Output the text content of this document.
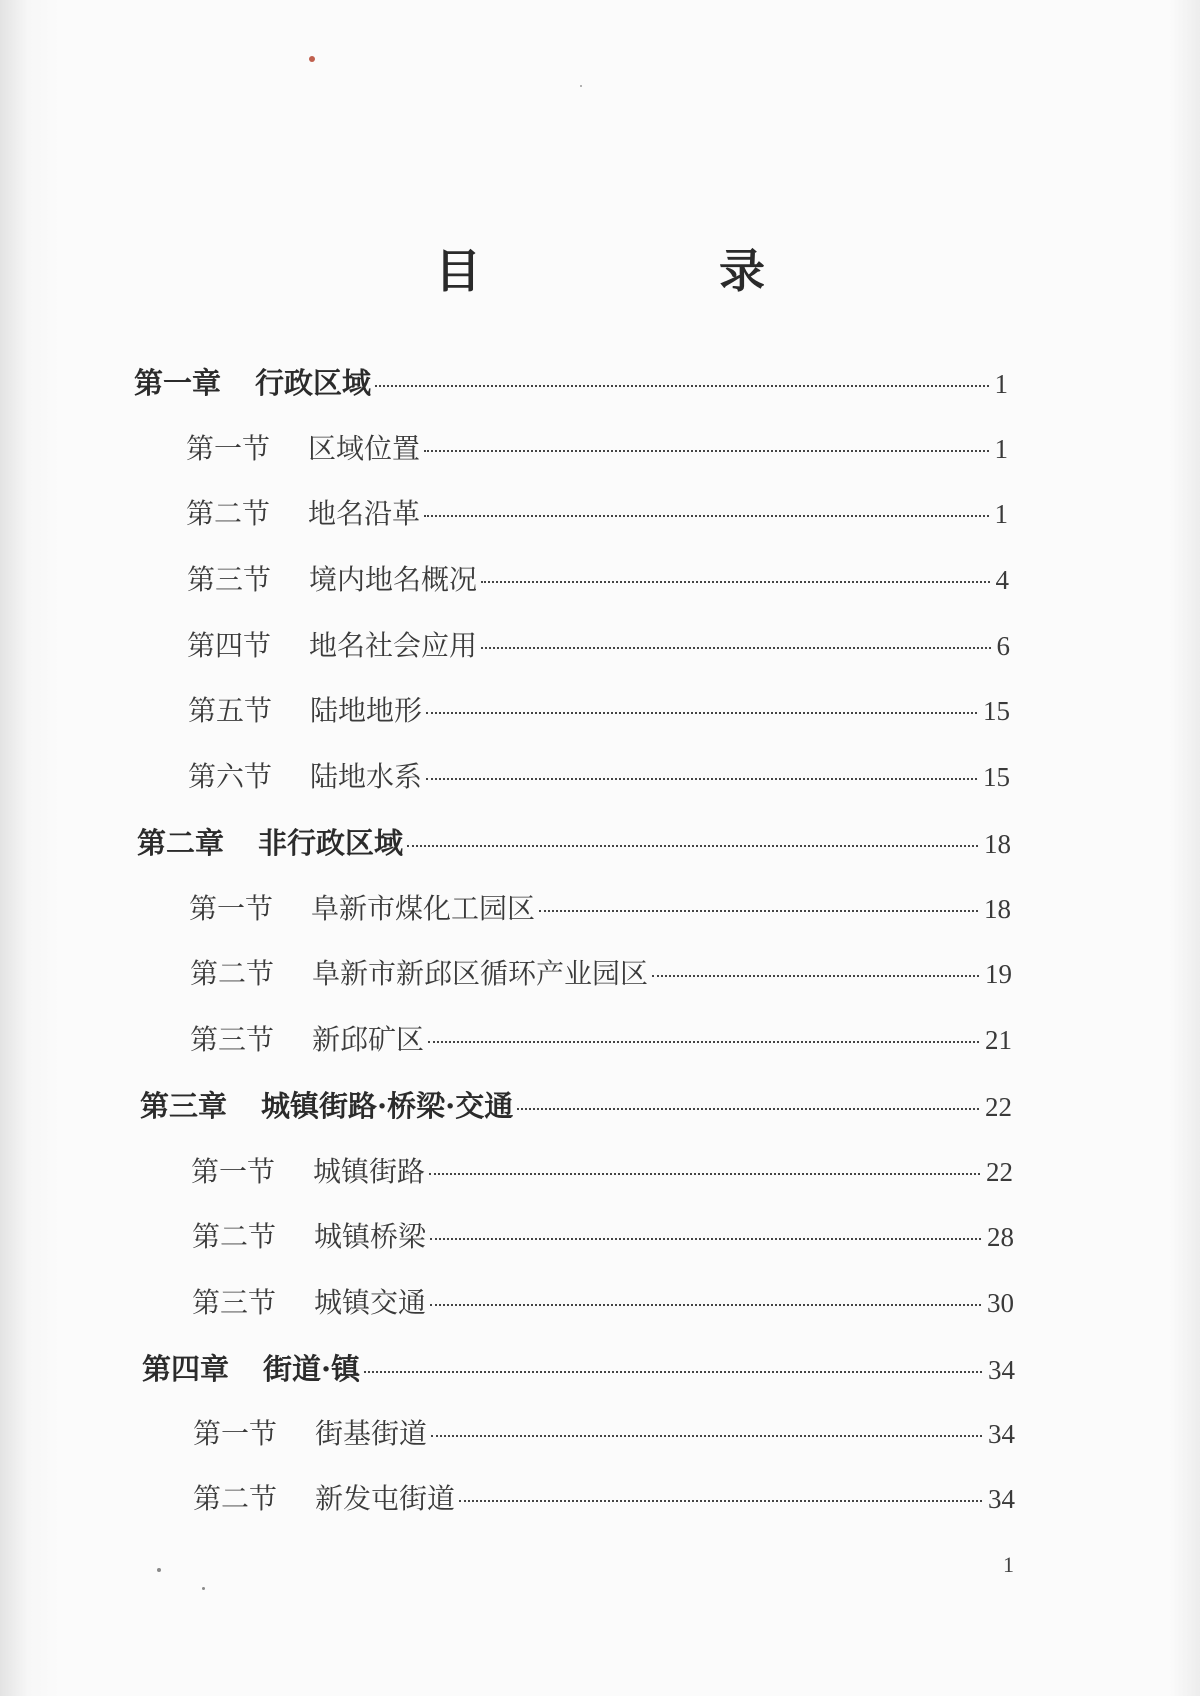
目　录
第一章 行政区域	1
第一节 区域位置	1
第二节 地名沿革	1
第三节 境内地名概况	4
第四节 地名社会应用	6
第五节 陆地地形	15
第六节 陆地水系	15
第二章 非行政区域	18
第一节 阜新市煤化工园区	18
第二节 阜新市新邱区循环产业园区	19
第三节 新邱矿区	21
第三章 城镇街路·桥梁·交通	22
第一节 城镇街路	22
第二节 城镇桥梁	28
第三节 城镇交通	30
第四章 街道·镇	34
第一节 街基街道	34
第二节 新发屯街道	34
1
